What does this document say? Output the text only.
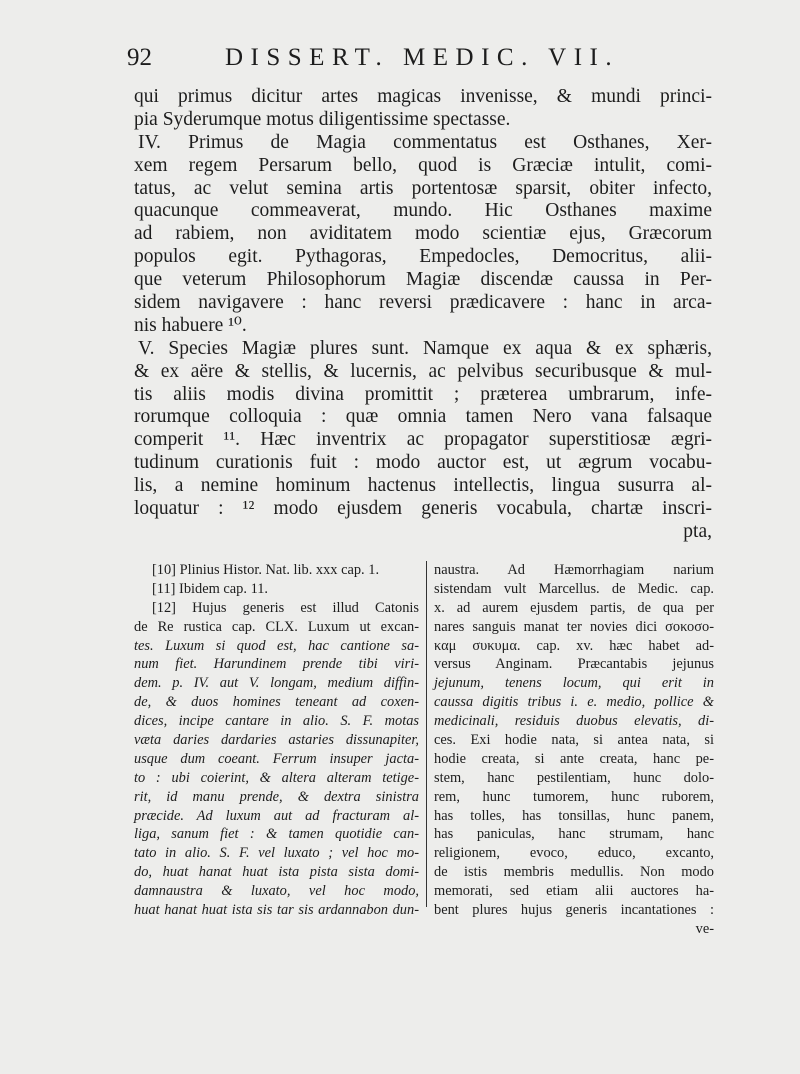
92	DISSERT. MEDIC. VII.
qui primus dicitur artes magicas invenisse, & mundi princi-
pia Syderumque motus diligentissime spectasse.
IV. Primus de Magia commentatus est Osthanes, Xer-
xem regem Persarum bello, quod is Græciæ intulit, comi-
tatus, ac velut semina artis portentosæ sparsit, obiter infecto,
quacunque commeaverat, mundo. Hic Osthanes maxime
ad rabiem, non aviditatem modo scientiæ ejus, Græcorum
populos egit. Pythagoras, Empedocles, Democritus, alii-
que veterum Philosophorum Magiæ discendæ caussa in Per-
sidem navigavere : hanc reversi prædicavere : hanc in arca-
nis habuere ¹⁰.
V. Species Magiæ plures sunt. Namque ex aqua & ex sphæris,
& ex aëre & stellis, & lucernis, ac pelvibus securibusque & mul-
tis aliis modis divina promittit ; præterea umbrarum, infe-
rorumque colloquia : quæ omnia tamen Nero vana falsaque
comperit ¹¹. Hæc inventrix ac propagator superstitiosæ ægri-
tudinum curationis fuit : modo auctor est, ut ægrum vocabu-
lis, a nemine hominum hactenus intellectis, lingua susurra al-
loquatur : ¹² modo ejusdem generis vocabula, chartæ inscri-
pta,
[10] Plinius Histor. Nat. lib. xxx cap. 1.
[11] Ibidem cap. 11.
[12] Hujus generis est illud Catonis
de Re rustica cap. CLX. Luxum ut excan-
tes. Luxum si quod est, hac cantione sa-
num fiet. Harundinem prende tibi viri-
dem. p. IV. aut V. longam, medium diffin-
de, & duos homines teneant ad coxen-
dices, incipe cantare in alio. S. F. motas
væta daries dardaries astaries dissunapiter,
usque dum coeant. Ferrum insuper jacta-
to : ubi coierint, & altera alteram tetige-
rit, id manu prende, & dextra sinistra
præcide. Ad luxum aut ad fracturam al-
liga, sanum fiet : & tamen quotidie can-
tato in alio. S. F. vel luxato ; vel hoc mo-
do, huat hanat huat ista pista sista domi-
damnaustra & luxato, vel hoc modo,
huat hanat huat ista sis tar sis ardannabon dun-
naustra. Ad Hæmorrhagiam narium
sistendam vult Marcellus. de Medic. cap.
x. ad aurem ejusdem partis, de qua per
nares sanguis manat ter novies dici σοκοσο-
καμ συκυμα. cap. xv. hæc habet ad-
versus Anginam. Præcantabis jejunus
jejunum, tenens locum, qui erit in
caussa digitis tribus i. e. medio, pollice &
medicinali, residuis duobus elevatis, di-
ces. Exi hodie nata, si antea nata, si
hodie creata, si ante creata, hanc pe-
stem, hanc pestilentiam, hunc dolo-
rem, hunc tumorem, hunc ruborem,
has tolles, has tonsillas, hunc panem,
has paniculas, hanc strumam, hanc
religionem, evoco, educo, excanto,
de istis membris medullis. Non modo
memorati, sed etiam alii auctores ha-
bent plures hujus generis incantationes :
ve-
